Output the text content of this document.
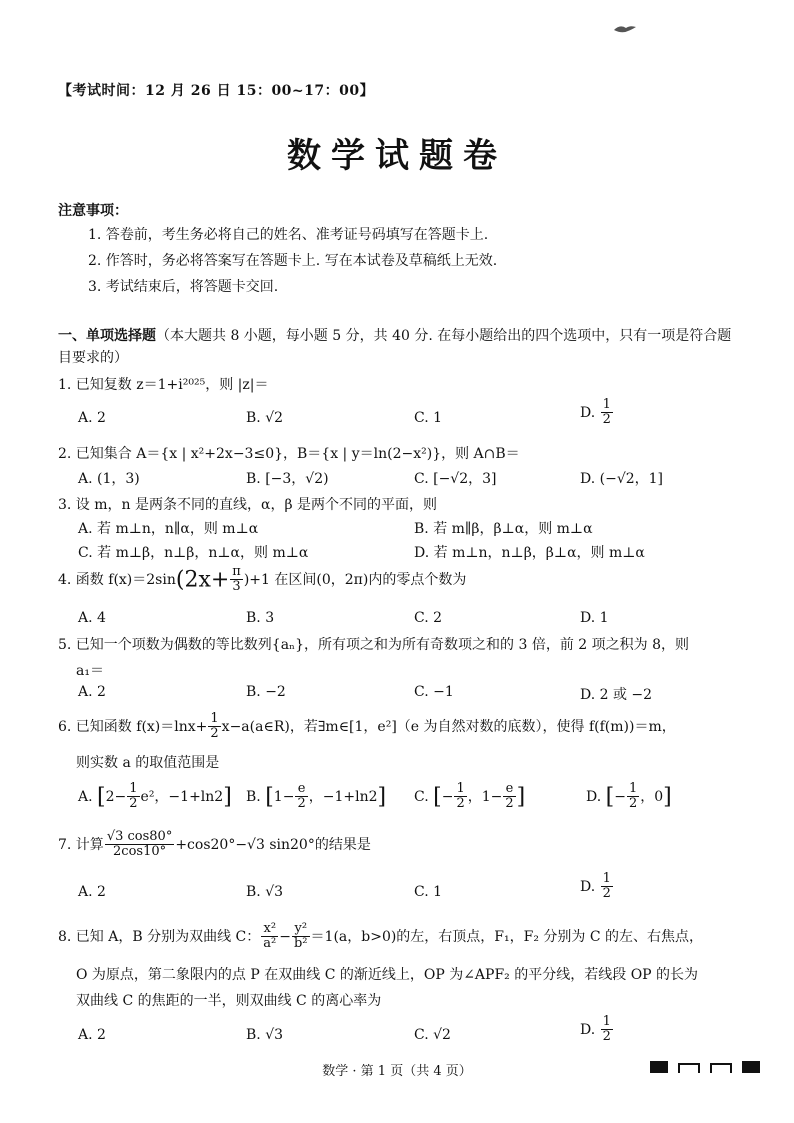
【考试时间：12 月 26 日 15：00~17：00】
数学试题卷
注意事项：
1. 答卷前，考生务必将自己的姓名、准考证号码填写在答题卡上.
2. 作答时，务必将答案写在答题卡上. 写在本试卷及草稿纸上无效.
3. 考试结束后，将答题卡交回.
一、单项选择题（本大题共 8 小题，每小题 5 分，共 40 分. 在每小题给出的四个选项中，只有一项是符合题目要求的）
1. 已知复数 z＝1+i²⁰²⁵，则 |z|＝
A. 2	B. √2	C. 1	D. $\frac{1}{2}$
2. 已知集合 A＝{x | x²+2x−3≤0}，B＝{x | y＝ln(2−x²)}，则 A∩B＝
A. (1，3)	B. [−3，√2)	C. [−√2，3]	D. (−√2，1]
3. 设 m，n 是两条不同的直线，α，β 是两个不同的平面，则
A. 若 m⊥n，n∥α，则 m⊥α	B. 若 m∥β，β⊥α，则 m⊥α
C. 若 m⊥β，n⊥β，n⊥α，则 m⊥α	D. 若 m⊥n，n⊥β，β⊥α，则 m⊥α
4. 函数 $f(x)=2\sin(2x+ \frac{\pi}{3} )+1$ 在区间(0，2π)内的零点个数为
A. 4	B. 3	C. 2	D. 1
5. 已知一个项数为偶数的等比数列{aₙ}，所有项之和为所有奇数项之和的 3 倍，前 2 项之积为 8，则
a₁＝
A. 2	B. −2	C. −1	D. 2 或 −2
6. 已知函数 $f(x)=\ln x+ \frac{1}{2}$ x−a(a∈R)，若∃m∈[1，e²]（e 为自然对数的底数），使得 f(f(m))＝m，
则实数 a 的取值范围是
A. [$2- \frac{1}{2} e^2$，−1+ln2] B. [$1- \frac{e}{2}$ ，−1+ln2] C. [− $\frac{1}{2}$ ，$1- \frac{e}{2}$ ]	D. [− $\frac{1}{2}$ ，0]
7. 计算 $\frac{√3 \cos 80^\circ}{2\cos 10^\circ} +\cos 20^\circ-√3$ sin20°的结果是
A. 2	B. √3	C. 1	D. $\frac{1}{2}$
8. 已知 A，B 分别为双曲线 C： $\frac{\text{x²}}{\text{a²}} - \frac{\text{y²}}{\text{b²}} =1(a$，b>0)的左，右顶点，F₁，F₂ 分别为 C 的左、右焦点，
O 为原点，第二象限内的点 P 在双曲线 C 的渐近线上，OP 为∠APF₂ 的平分线，若线段 OP 的长为
双曲线 C 的焦距的一半，则双曲线 C 的离心率为
A. 2	B. √3	C. √2	D. $\frac{1}{2}$
数学 · 第 1 页（共 4 页）
